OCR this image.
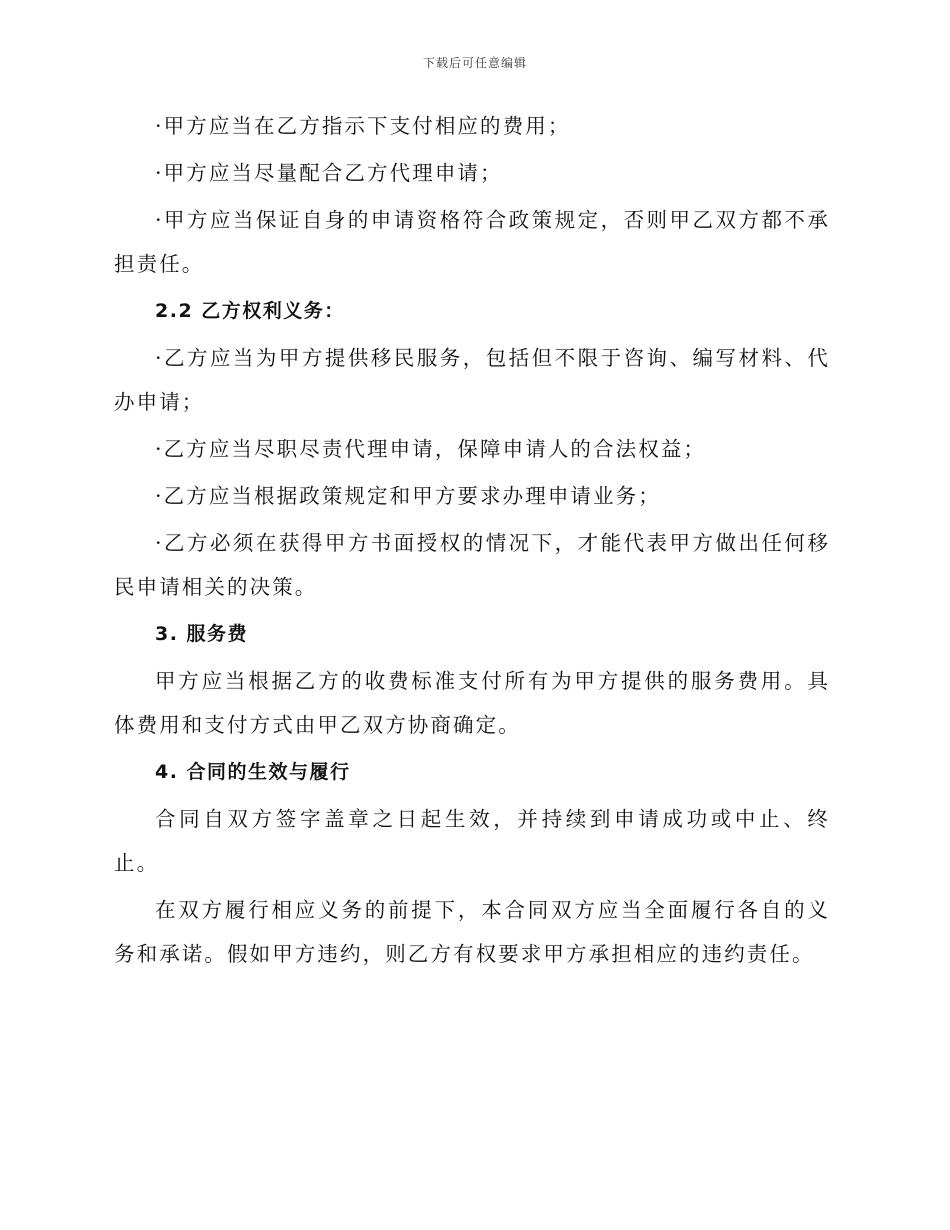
下载后可任意编辑

·甲方应当在乙方指示下支付相应的费用；

·甲方应当尽量配合乙方代理申请；

·甲方应当保证自身的申请资格符合政策规定，否则甲乙双方都不承担责任。

2.2 乙方权利义务：

·乙方应当为甲方提供移民服务，包括但不限于咨询、编写材料、代办申请；

·乙方应当尽职尽责代理申请，保障申请人的合法权益；

·乙方应当根据政策规定和甲方要求办理申请业务；

·乙方必须在获得甲方书面授权的情况下，才能代表甲方做出任何移民申请相关的决策。

3. 服务费

甲方应当根据乙方的收费标准支付所有为甲方提供的服务费用。具体费用和支付方式由甲乙双方协商确定。

4. 合同的生效与履行

合同自双方签字盖章之日起生效，并持续到申请成功或中止、终止。

在双方履行相应义务的前提下，本合同双方应当全面履行各自的义务和承诺。假如甲方违约，则乙方有权要求甲方承担相应的违约责任。
